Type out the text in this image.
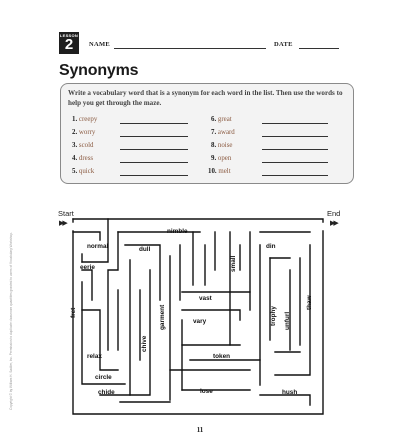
LESSON
2	NAME	DATE
Synonyms
Write a vocabulary word that is a synonym for each word in the list. Then use the words to help you get through the maze.
1. creepy
2. worry
3. scold
4. dress
5. quick
6. great
7. award
8. noise
9. open
10. melt
Start	End
▶▶	▶▶
nimble
normal	dull	din
eerie
vast
vary
relax	token
circle
chide	lose	hush
small
fret	garment
chive
trophy unfurl
thaw
Copyright © by William H. Sadlier, Inc. Permission to duplicate classroom quantities granted to users of Vocabulary Workshop.
11
